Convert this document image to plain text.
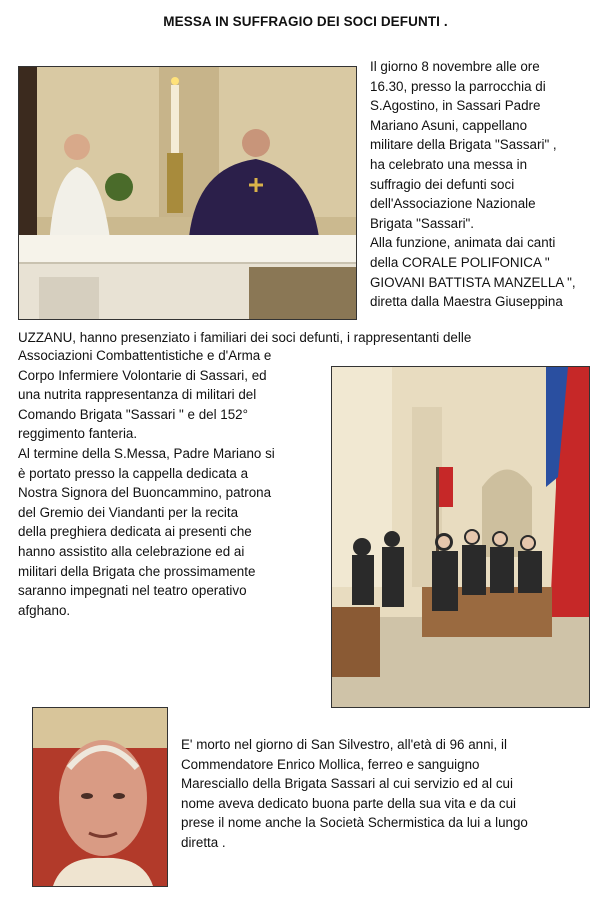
MESSA IN SUFFRAGIO DEI SOCI DEFUNTI .
Il giorno 8 novembre alle ore
16.30, presso la parrocchia di
S.Agostino, in Sassari Padre
Mariano Asuni, cappellano
militare della Brigata "Sassari" ,
ha celebrato una messa in
suffragio dei defunti soci
dell'Associazione Nazionale
Brigata "Sassari".
Alla funzione, animata dai canti
della CORALE POLIFONICA "
GIOVANI BATTISTA MANZELLA ",
diretta dalla Maestra Giuseppina
UZZANU, hanno presenziato i familiari dei soci defunti, i rappresentanti delle
Associazioni Combattentistiche e d'Arma e
Corpo Infermiere Volontarie di Sassari, ed
una nutrita rappresentanza di militari del
Comando Brigata "Sassari " e del 152°
reggimento fanteria.
Al termine della S.Messa, Padre Mariano si
è portato presso la cappella dedicata a
Nostra Signora del Buoncammino, patrona
del Gremio dei Viandanti per la recita
della preghiera dedicata ai presenti che
hanno assistito alla celebrazione ed ai
militari della Brigata che prossimamente
saranno impegnati nel teatro operativo
afghano.
E' morto nel giorno di San Silvestro, all'età di 96 anni, il
Commendatore Enrico Mollica, ferreo e sanguigno
Maresciallo della Brigata Sassari al cui servizio ed al cui
nome aveva dedicato buona parte della sua vita e da cui
prese il nome anche la Società Schermistica da lui a lungo
diretta .
